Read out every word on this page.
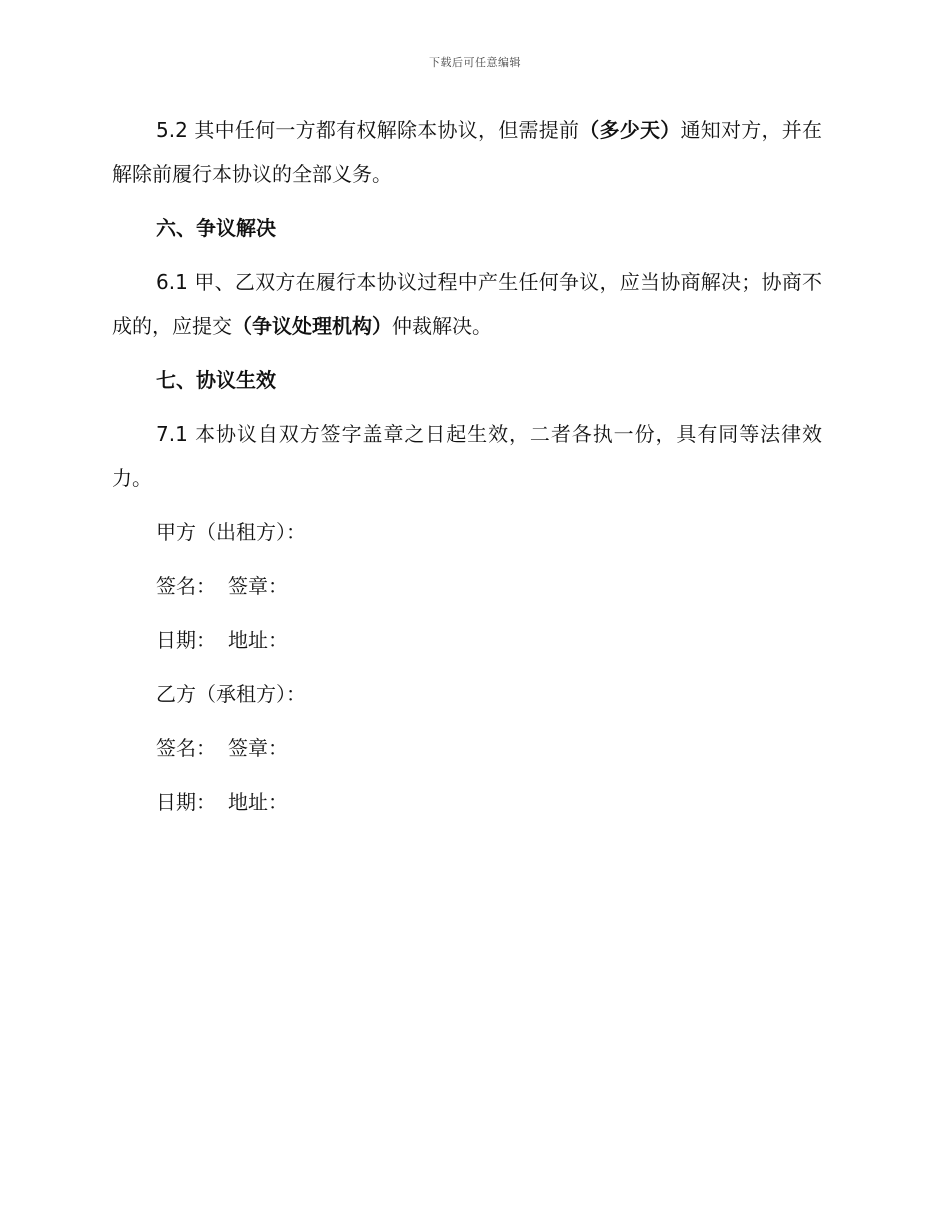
下载后可任意编辑

5.2 其中任何一方都有权解除本协议，但需提前（多少天）通知对方，并在解除前履行本协议的全部义务。

六、争议解决

6.1 甲、乙双方在履行本协议过程中产生任何争议，应当协商解决；协商不成的，应提交（争议处理机构）仲裁解决。

七、协议生效

7.1 本协议自双方签字盖章之日起生效，二者各执一份，具有同等法律效力。

甲方（出租方）：

签名： 签章：

日期： 地址：

乙方（承租方）：

签名： 签章：

日期： 地址：
